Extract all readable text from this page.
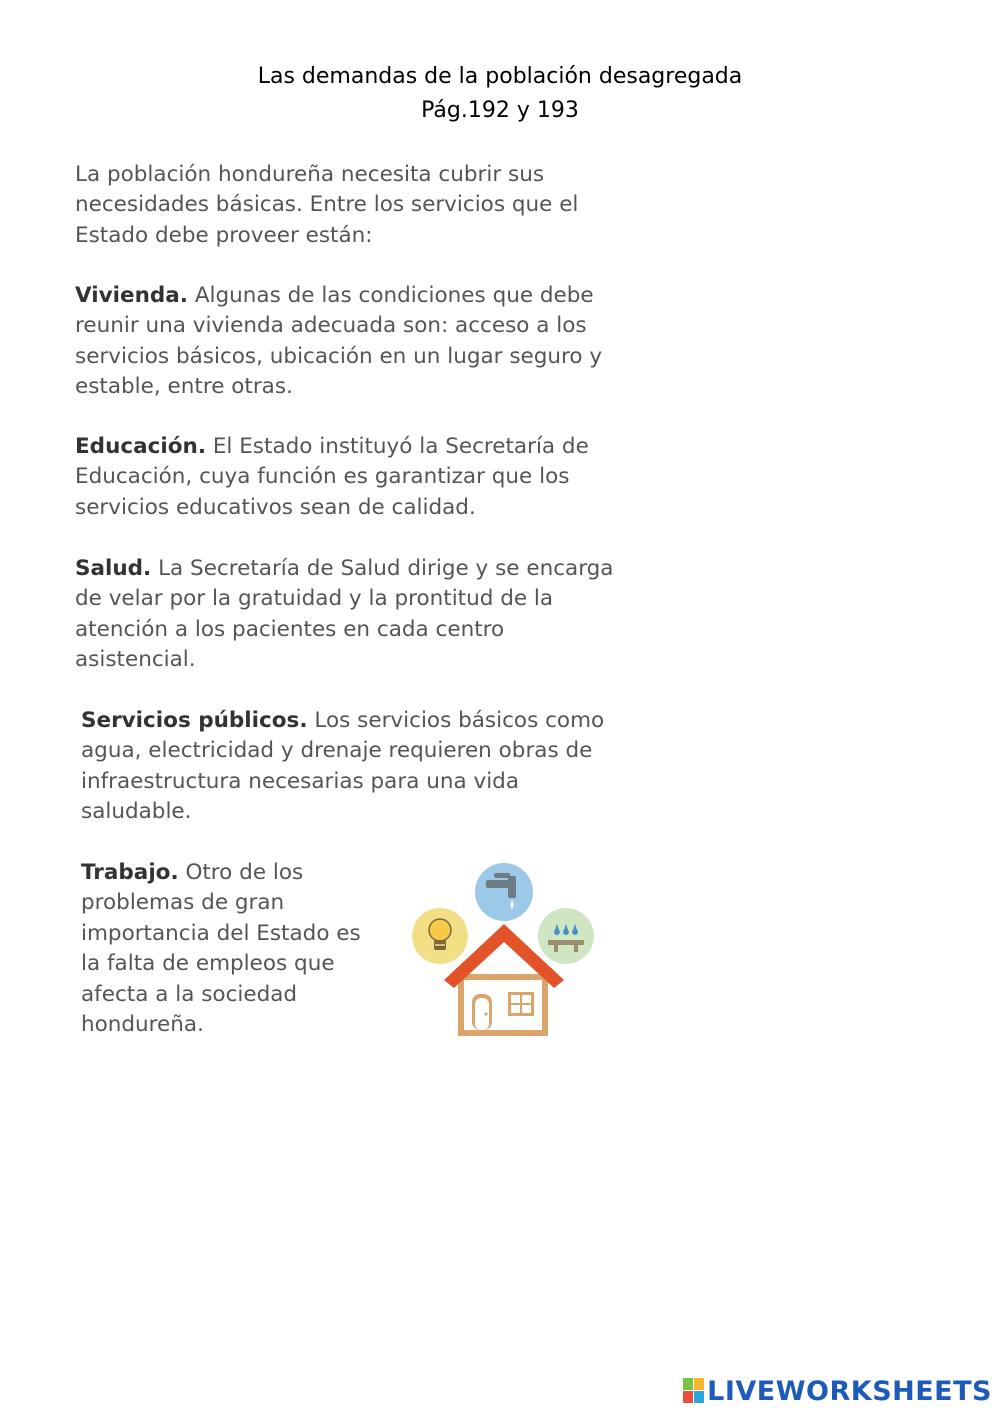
Las demandas de la población desagregada
Pág.192 y 193
La población hondureña necesita cubrir sus
necesidades básicas. Entre los servicios que el
Estado debe proveer están:
Vivienda. Algunas de las condiciones que debe
reunir una vivienda adecuada son: acceso a los
servicios básicos, ubicación en un lugar seguro y
estable, entre otras.
Educación. El Estado instituyó la Secretaría de
Educación, cuya función es garantizar que los
servicios educativos sean de calidad.
Salud. La Secretaría de Salud dirige y se encarga
de velar por la gratuidad y la prontitud de la
atención a los pacientes en cada centro
asistencial.
Servicios públicos. Los servicios básicos como
agua, electricidad y drenaje requieren obras de
infraestructura necesarias para una vida
saludable.
Trabajo. Otro de los
problemas de gran
importancia del Estado es
la falta de empleos que
afecta a la sociedad
hondureña.
LIVEWORKSHEETS
